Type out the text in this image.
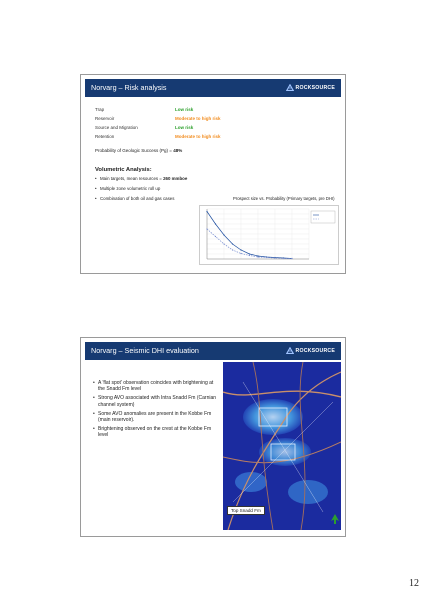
Norvarg – Risk analysis	ROCKSOURCE
Trap	Low risk
Reservoir	Moderate to high risk
Source and Migration	Low risk
Retention	Moderate to high risk
Probability of Geologic Success (Pg) = 48%
Volumetric Analysis:
• Main targets, mean resources = 260 mmboe
• Multiple zone volumetric roll up
• Combination of both oil and gas cases	Prospect size vs. Probability (Primary targets, pre DHI)
Norvarg – Seismic DHI evaluation	ROCKSOURCE
• A 'flat spot' observation coincides with brightening at the Snadd Fm level
• Strong AVO associated with Intra Snadd Fm (Carnian channel system)
• Some AVO anomalies are present in the Kobbe Fm (main reservoir).
• Brightening observed on the crest at the Kobbe Fm level
Top Snadd Fm
12
